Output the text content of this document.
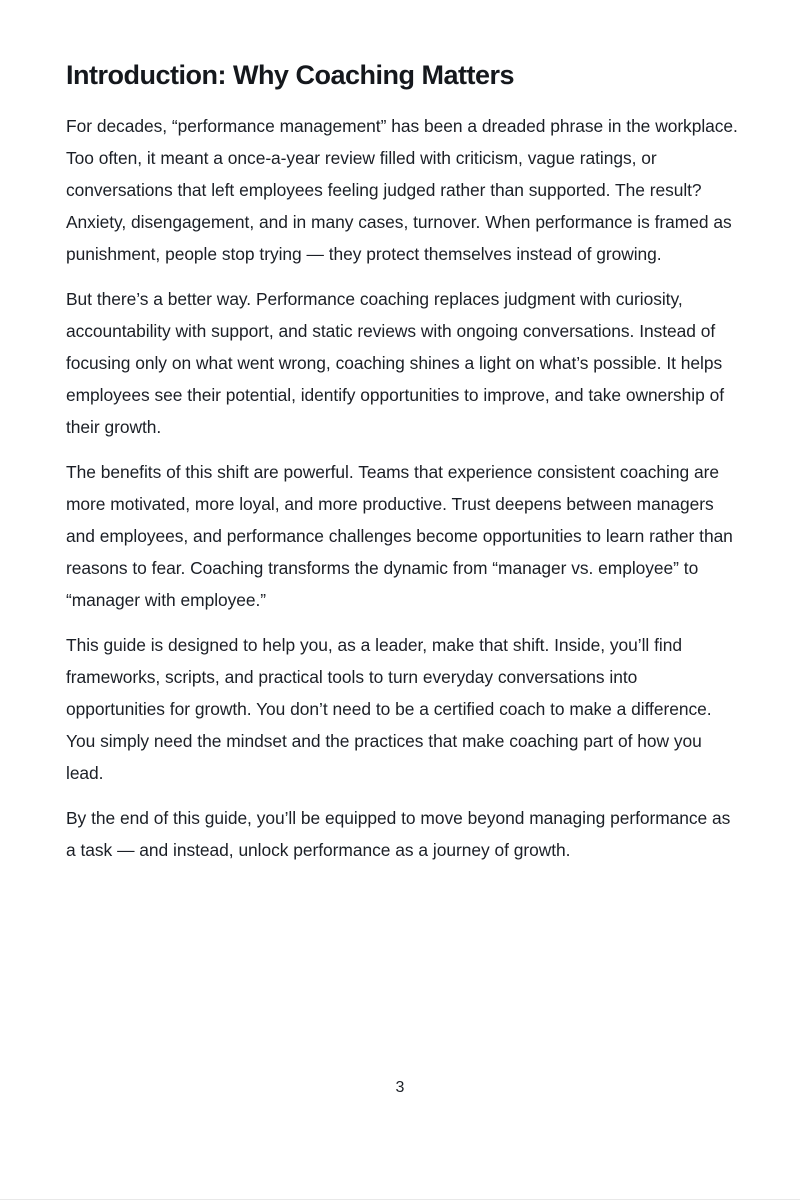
Introduction: Why Coaching Matters

For decades, “performance management” has been a dreaded phrase in the workplace. Too often, it meant a once-a-year review filled with criticism, vague ratings, or conversations that left employees feeling judged rather than supported. The result? Anxiety, disengagement, and in many cases, turnover. When performance is framed as punishment, people stop trying — they protect themselves instead of growing.

But there’s a better way. Performance coaching replaces judgment with curiosity, accountability with support, and static reviews with ongoing conversations. Instead of focusing only on what went wrong, coaching shines a light on what’s possible. It helps employees see their potential, identify opportunities to improve, and take ownership of their growth.

The benefits of this shift are powerful. Teams that experience consistent coaching are more motivated, more loyal, and more productive. Trust deepens between managers and employees, and performance challenges become opportunities to learn rather than reasons to fear. Coaching transforms the dynamic from “manager vs. employee” to “manager with employee.”

This guide is designed to help you, as a leader, make that shift. Inside, you’ll find frameworks, scripts, and practical tools to turn everyday conversations into opportunities for growth. You don’t need to be a certified coach to make a difference. You simply need the mindset and the practices that make coaching part of how you lead.

By the end of this guide, you’ll be equipped to move beyond managing performance as a task — and instead, unlock performance as a journey of growth.

3
